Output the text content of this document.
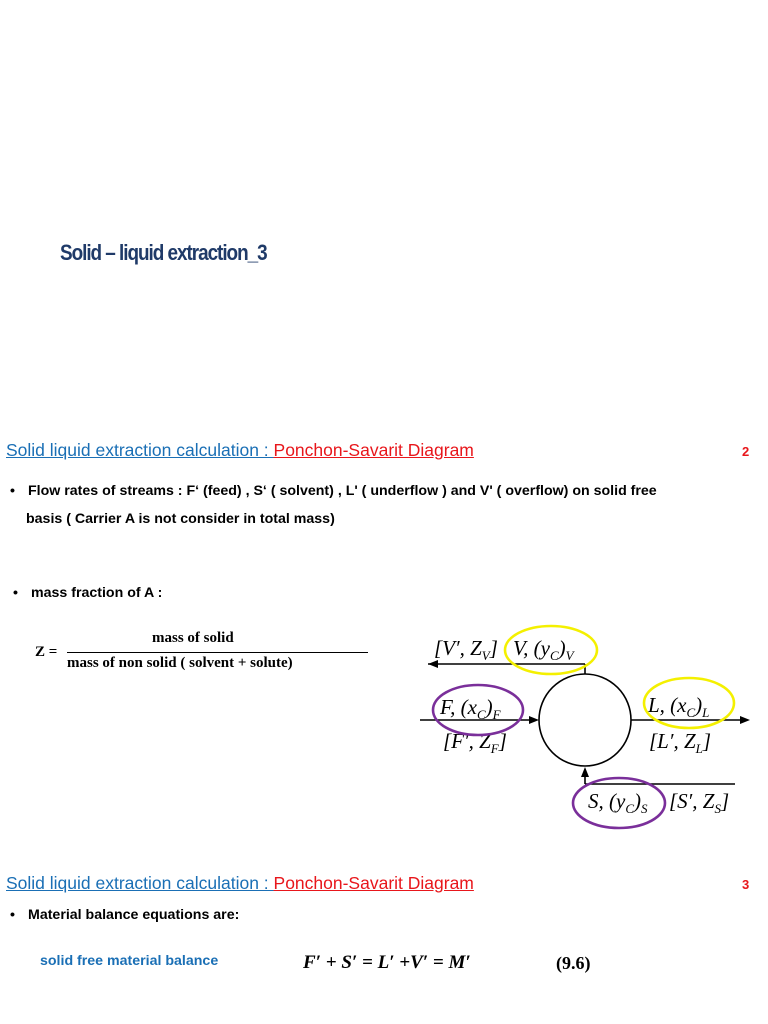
Solid – liquid extraction_3
Solid liquid extraction calculation : Ponchon-Savarit Diagram	2
• Flow rates of streams : F‘ (feed) , S‘ ( solvent) , L' ( underflow ) and V' ( overflow) on solid free
basis ( Carrier A is not consider in total mass)
• mass fraction of A :
Z =
mass of solid
mass of non solid ( solvent + solute)
[V′, $Z_V$] V, $(y_C)_V$
F, $(x_C)_F$
[F′, $Z_F$]
L, $(x_C)_L$
[L′, $Z_L$]
S, $(y_C)_S$ [S′, $Z_S$]
Solid liquid extraction calculation : Ponchon-Savarit Diagram	3
• Material balance equations are:
solid free material balance	F′ + S′ = L′ +V′ = M′	(9.6)
